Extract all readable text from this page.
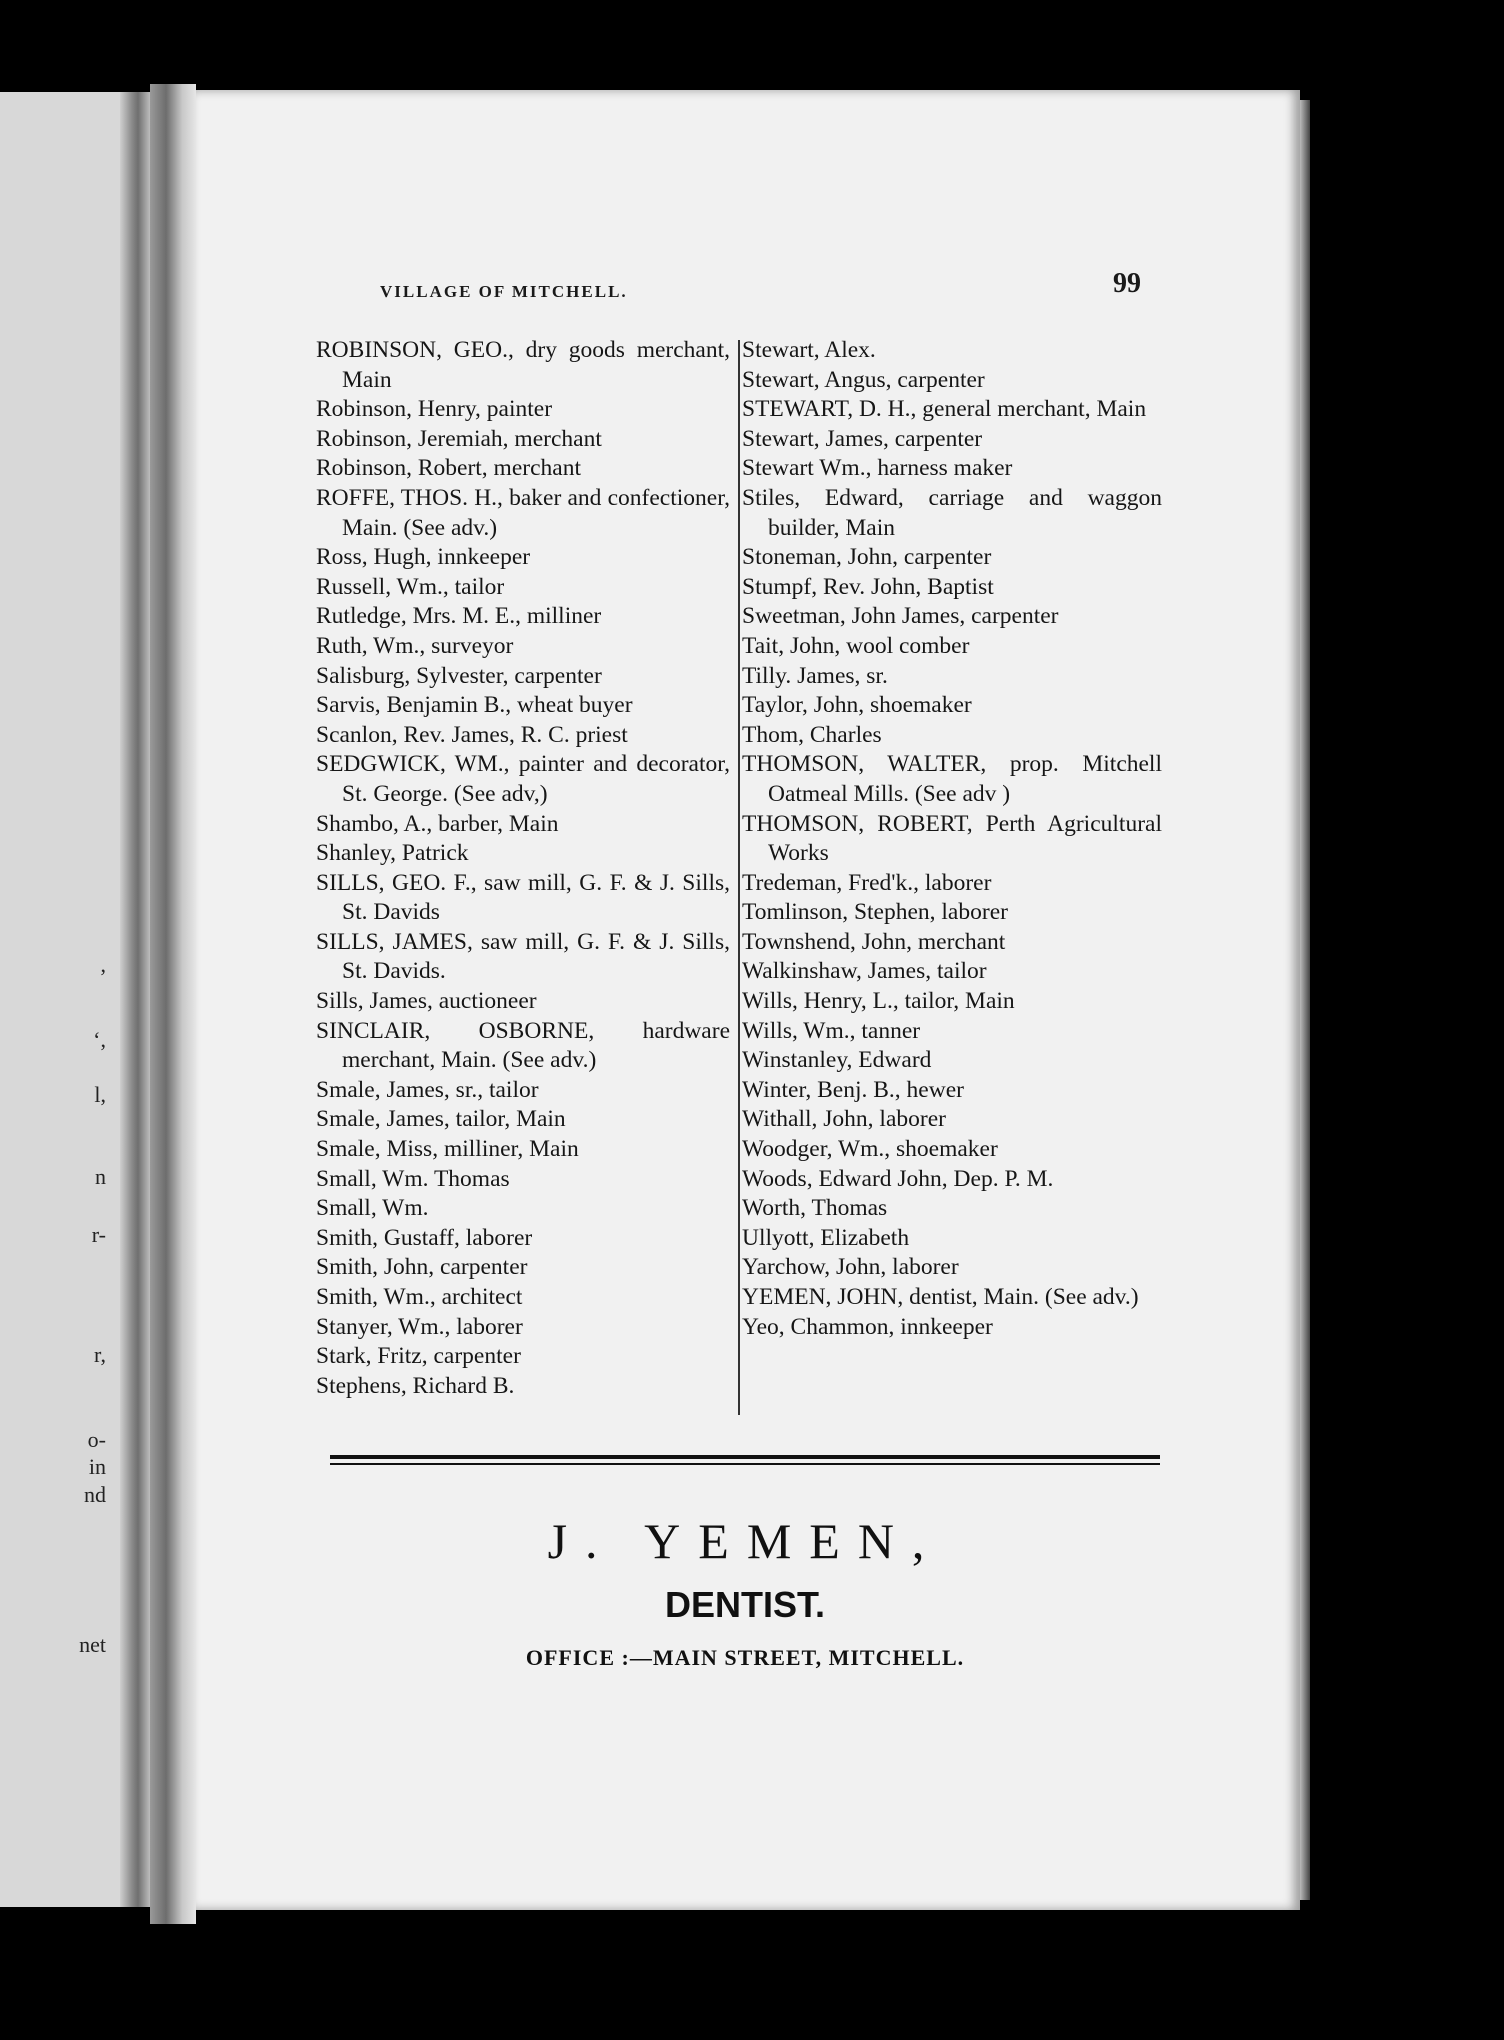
,
ʻ,
l,
n
r-
r,
o-
in
nd
net
VILLAGE OF MITCHELL.	99
ROBINSON, GEO., dry goods merchant, Main
Robinson, Henry, painter
Robinson, Jeremiah, merchant
Robinson, Robert, merchant
ROFFE, THOS. H., baker and confectioner, Main. (See adv.)
Ross, Hugh, innkeeper
Russell, Wm., tailor
Rutledge, Mrs. M. E., milliner
Ruth, Wm., surveyor
Salisburg, Sylvester, carpenter
Sarvis, Benjamin B., wheat buyer
Scanlon, Rev. James, R. C. priest
SEDGWICK, WM., painter and decorator, St. George. (See adv,)
Shambo, A., barber, Main
Shanley, Patrick
SILLS, GEO. F., saw mill, G. F. & J. Sills, St. Davids
SILLS, JAMES, saw mill, G. F. & J. Sills, St. Davids.
Sills, James, auctioneer
SINCLAIR, OSBORNE, hardware merchant, Main. (See adv.)
Smale, James, sr., tailor
Smale, James, tailor, Main
Smale, Miss, milliner, Main
Small, Wm. Thomas
Small, Wm.
Smith, Gustaff, laborer
Smith, John, carpenter
Smith, Wm., architect
Stanyer, Wm., laborer
Stark, Fritz, carpenter
Stephens, Richard B.
Stewart, Alex.
Stewart, Angus, carpenter
STEWART, D. H., general merchant, Main
Stewart, James, carpenter
Stewart Wm., harness maker
Stiles, Edward, carriage and waggon builder, Main
Stoneman, John, carpenter
Stumpf, Rev. John, Baptist
Sweetman, John James, carpenter
Tait, John, wool comber
Tilly. James, sr.
Taylor, John, shoemaker
Thom, Charles
THOMSON, WALTER, prop. Mitchell Oatmeal Mills. (See adv )
THOMSON, ROBERT, Perth Agricultural Works
Tredeman, Fred'k., laborer
Tomlinson, Stephen, laborer
Townshend, John, merchant
Walkinshaw, James, tailor
Wills, Henry, L., tailor, Main
Wills, Wm., tanner
Winstanley, Edward
Winter, Benj. B., hewer
Withall, John, laborer
Woodger, Wm., shoemaker
Woods, Edward John, Dep. P. M.
Worth, Thomas
Ullyott, Elizabeth
Yarchow, John, laborer
YEMEN, JOHN, dentist, Main. (See adv.)
Yeo, Chammon, innkeeper
J. YEMEN,
DENTIST.
OFFICE :—MAIN STREET, MITCHELL.
